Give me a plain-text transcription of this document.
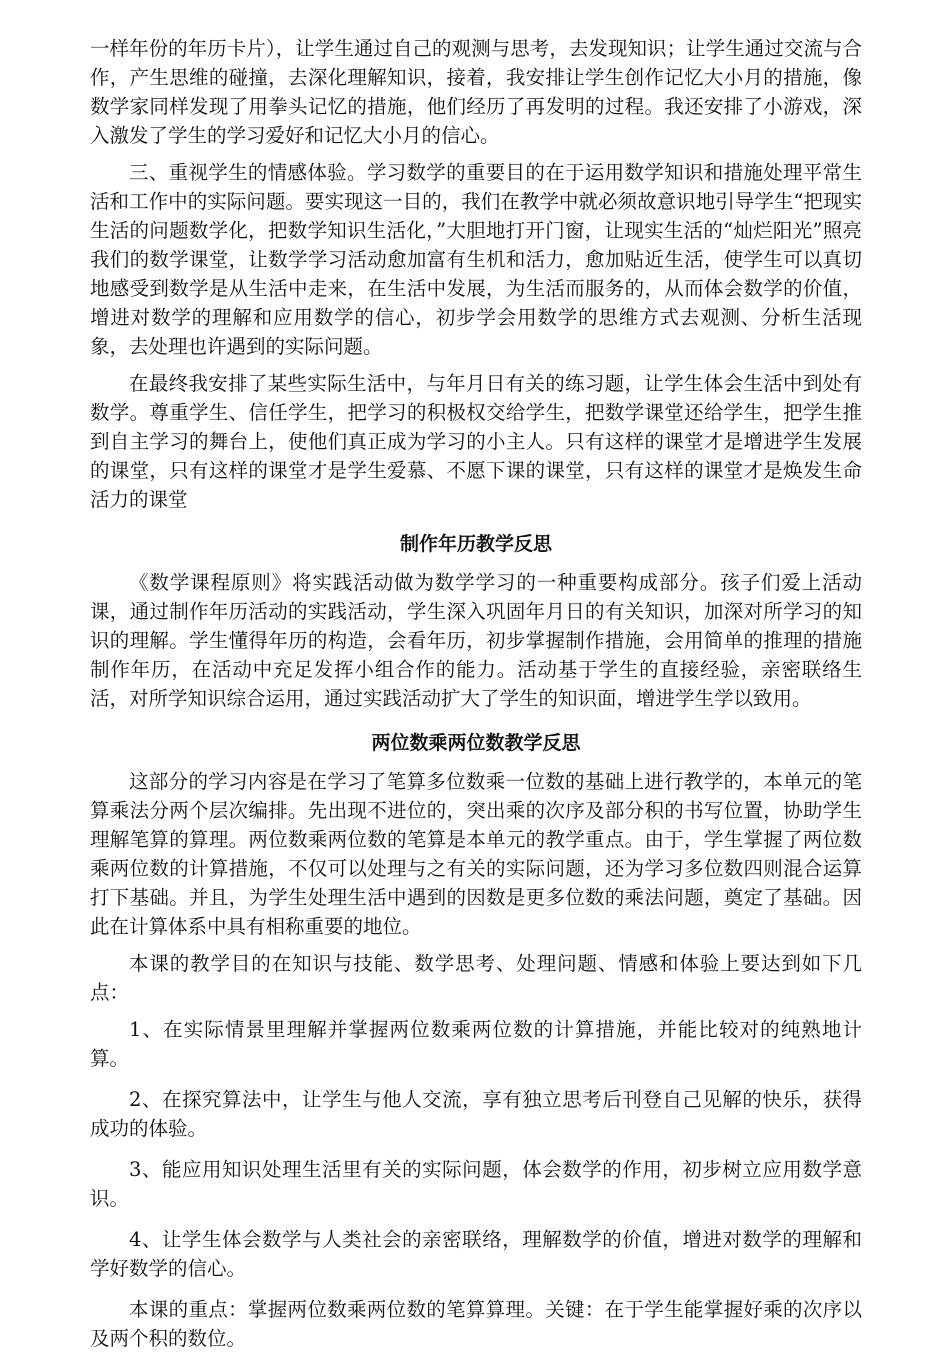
一样年份的年历卡片），让学生通过自己的观测与思考，去发现知识；让学生通过交流与合作，产生思维的碰撞，去深化理解知识，接着，我安排让学生创作记忆大小月的措施，像数学家同样发现了用拳头记忆的措施，他们经历了再发明的过程。我还安排了小游戏，深入激发了学生的学习爱好和记忆大小月的信心。

三、重视学生的情感体验。学习数学的重要目的在于运用数学知识和措施处理平常生活和工作中的实际问题。要实现这一目的，我们在教学中就必须故意识地引导学生“把现实生活的问题数学化，把数学知识生活化，”大胆地打开门窗，让现实生活的“灿烂阳光”照亮我们的数学课堂，让数学学习活动愈加富有生机和活力，愈加贴近生活，使学生可以真切地感受到数学是从生活中走来，在生活中发展，为生活而服务的，从而体会数学的价值，增进对数学的理解和应用数学的信心，初步学会用数学的思维方式去观测、分析生活现象，去处理也许遇到的实际问题。

在最终我安排了某些实际生活中，与年月日有关的练习题，让学生体会生活中到处有数学。尊重学生、信任学生，把学习的积极权交给学生，把数学课堂还给学生，把学生推到自主学习的舞台上，使他们真正成为学习的小主人。只有这样的课堂才是增进学生发展的课堂，只有这样的课堂才是学生爱慕、不愿下课的课堂，只有这样的课堂才是焕发生命活力的课堂

制作年历教学反思

《数学课程原则》将实践活动做为数学学习的一种重要构成部分。孩子们爱上活动课，通过制作年历活动的实践活动，学生深入巩固年月日的有关知识，加深对所学习的知识的理解。学生懂得年历的构造，会看年历，初步掌握制作措施，会用简单的推理的措施制作年历，在活动中充足发挥小组合作的能力。活动基于学生的直接经验，亲密联络生活，对所学知识综合运用，通过实践活动扩大了学生的知识面，增进学生学以致用。

两位数乘两位数教学反思

这部分的学习内容是在学习了笔算多位数乘一位数的基础上进行教学的，本单元的笔算乘法分两个层次编排。先出现不进位的，突出乘的次序及部分积的书写位置，协助学生理解笔算的算理。两位数乘两位数的笔算是本单元的教学重点。由于，学生掌握了两位数乘两位数的计算措施，不仅可以处理与之有关的实际问题，还为学习多位数四则混合运算打下基础。并且，为学生处理生活中遇到的因数是更多位数的乘法问题，奠定了基础。因此在计算体系中具有相称重要的地位。

本课的教学目的在知识与技能、数学思考、处理问题、情感和体验上要达到如下几点：

1、在实际情景里理解并掌握两位数乘两位数的计算措施，并能比较对的纯熟地计算。

2、在探究算法中，让学生与他人交流，享有独立思考后刊登自己见解的快乐，获得成功的体验。

3、能应用知识处理生活里有关的实际问题，体会数学的作用，初步树立应用数学意识。

4、让学生体会数学与人类社会的亲密联络，理解数学的价值，增进对数学的理解和学好数学的信心。

本课的重点：掌握两位数乘两位数的笔算算理。关键：在于学生能掌握好乘的次序以及两个积的数位。
